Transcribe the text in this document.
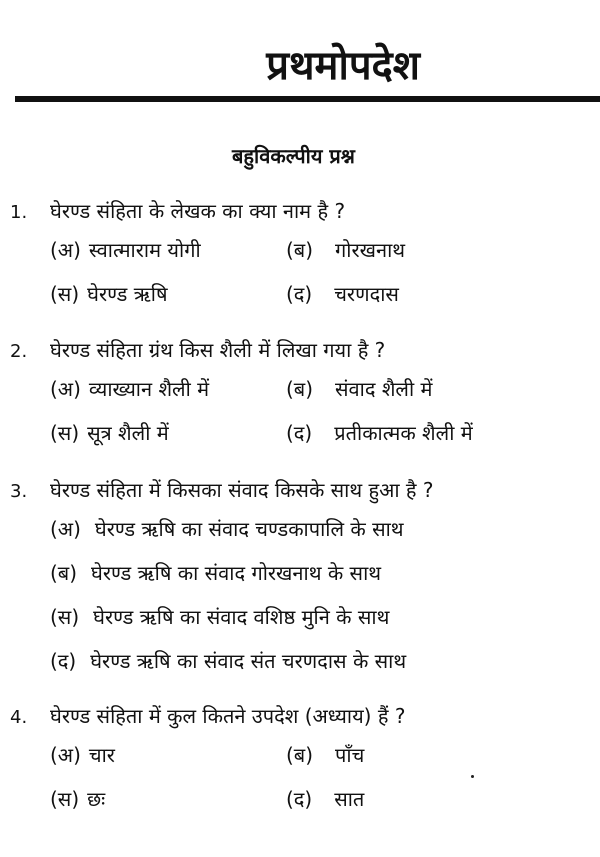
प्रथमोपदेश
बहुविकल्पीय प्रश्न
1. घेरण्ड संहिता के लेखक का क्या नाम है ?
(अ) स्वात्माराम योगी	(ब) गोरखनाथ
(स) घेरण्ड ऋषि	(द) चरणदास
2. घेरण्ड संहिता ग्रंथ किस शैली में लिखा गया है ?
(अ) व्याख्यान शैली में	(ब) संवाद शैली में
(स) सूत्र शैली में	(द) प्रतीकात्मक शैली में
3. घेरण्ड संहिता में किसका संवाद किसके साथ हुआ है ?
(अ) घेरण्ड ऋषि का संवाद चण्डकापालि के साथ
(ब) घेरण्ड ऋषि का संवाद गोरखनाथ के साथ
(स) घेरण्ड ऋषि का संवाद वशिष्ठ मुनि के साथ
(द) घेरण्ड ऋषि का संवाद संत चरणदास के साथ
4. घेरण्ड संहिता में कुल कितने उपदेश (अध्याय) हैं ?
(अ) चार	(ब) पाँच
(स) छः	(द) सात
